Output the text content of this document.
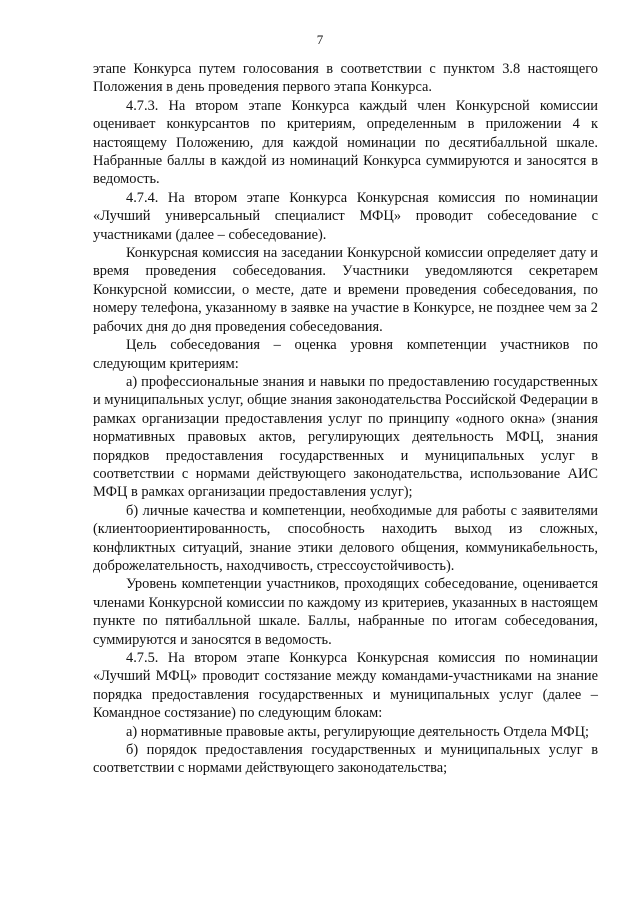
7

этапе Конкурса путем голосования в соответствии с пунктом 3.8 настоящего Положения в день проведения первого этапа Конкурса.

4.7.3. На втором этапе Конкурса каждый член Конкурсной комиссии оценивает конкурсантов по критериям, определенным в приложении 4 к настоящему Положению, для каждой номинации по десятибалльной шкале. Набранные баллы в каждой из номинаций Конкурса суммируются и заносятся в ведомость.

4.7.4. На втором этапе Конкурса Конкурсная комиссия по номинации «Лучший универсальный специалист МФЦ» проводит собеседование с участниками (далее – собеседование).

Конкурсная комиссия на заседании Конкурсной комиссии определяет дату и время проведения собеседования. Участники уведомляются секретарем Конкурсной комиссии, о месте, дате и времени проведения собеседования, по номеру телефона, указанному в заявке на участие в Конкурсе, не позднее чем за 2 рабочих дня до дня проведения собеседования.

Цель собеседования – оценка уровня компетенции участников по следующим критериям:

а) профессиональные знания и навыки по предоставлению государственных и муниципальных услуг, общие знания законодательства Российской Федерации в рамках организации предоставления услуг по принципу «одного окна» (знания нормативных правовых актов, регулирующих деятельность МФЦ, знания порядков предоставления государственных и муниципальных услуг в соответствии с нормами действующего законодательства, использование АИС МФЦ в рамках организации предоставления услуг);

б) личные качества и компетенции, необходимые для работы с заявителями (клиентоориентированность, способность находить выход из сложных, конфликтных ситуаций, знание этики делового общения, коммуникабельность, доброжелательность, находчивость, стрессоустойчивость).

Уровень компетенции участников, проходящих собеседование, оценивается членами Конкурсной комиссии по каждому из критериев, указанных в настоящем пункте по пятибалльной шкале. Баллы, набранные по итогам собеседования, суммируются и заносятся в ведомость.

4.7.5. На втором этапе Конкурса Конкурсная комиссия по номинации «Лучший МФЦ» проводит состязание между командами-участниками на знание порядка предоставления государственных и муниципальных услуг (далее – Командное состязание) по следующим блокам:

а) нормативные правовые акты, регулирующие деятельность Отдела МФЦ;

б) порядок предоставления государственных и муниципальных услуг в соответствии с нормами действующего законодательства;
